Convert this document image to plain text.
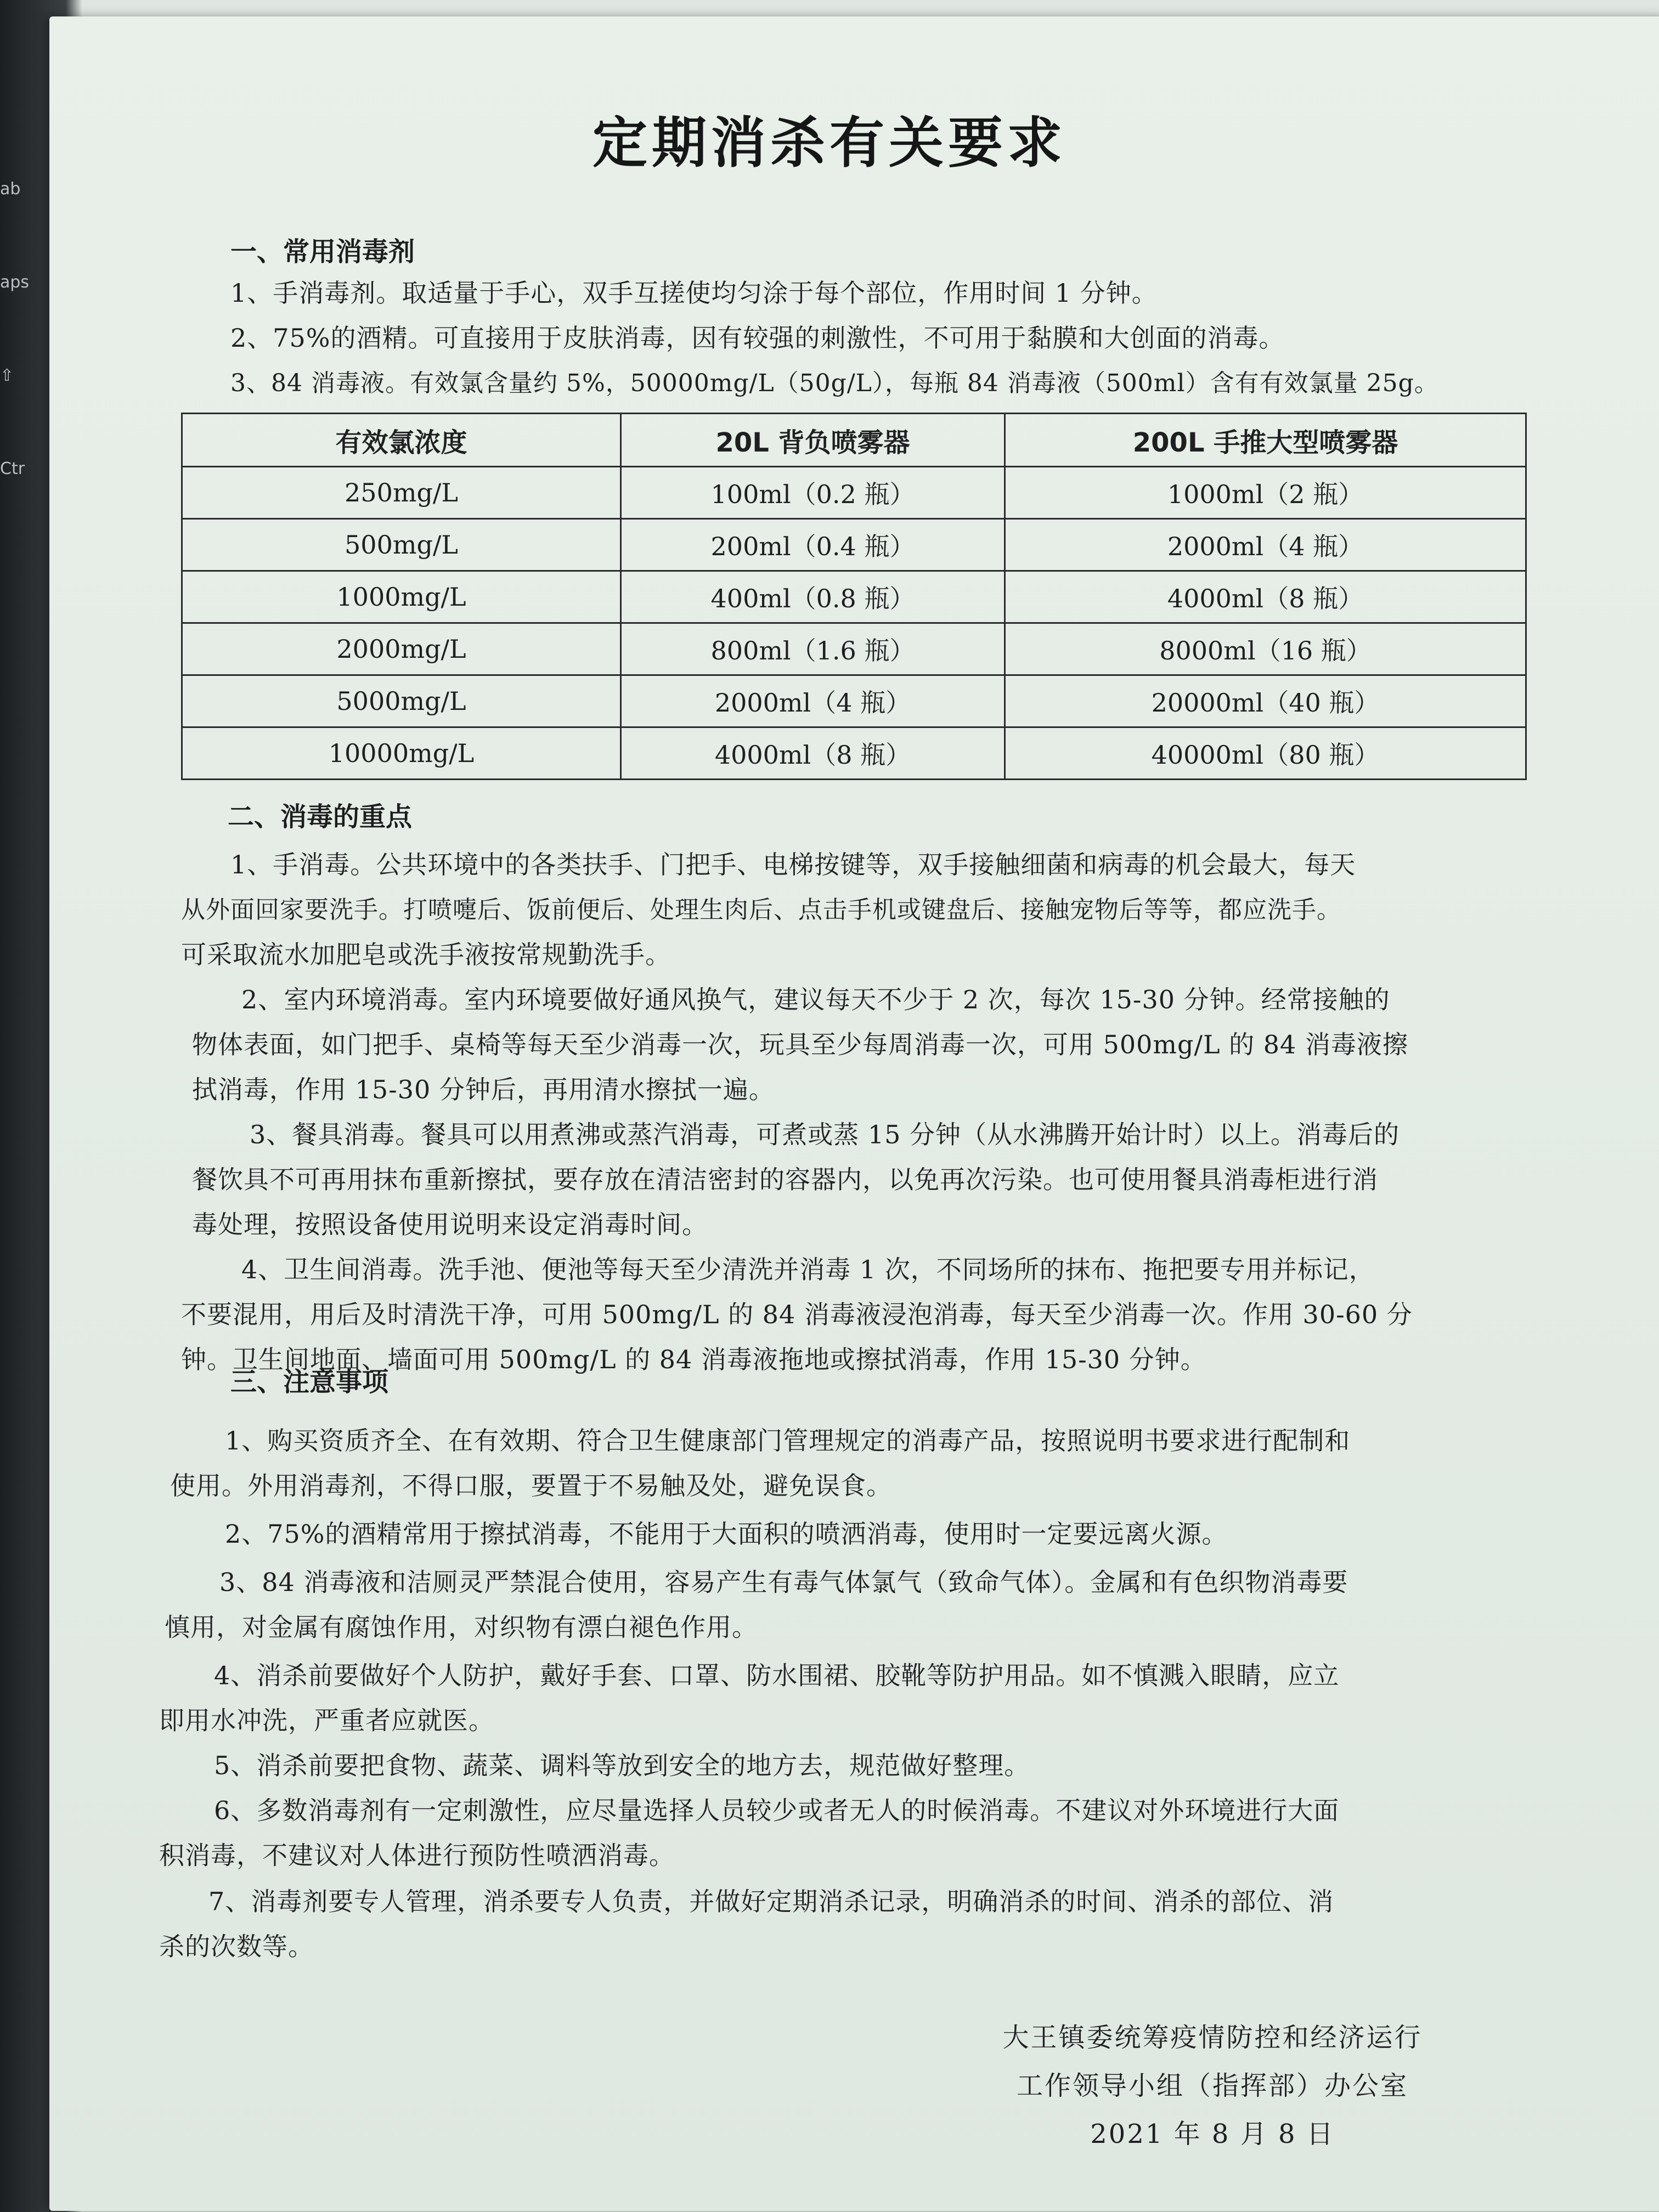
ab
aps
⇧
Ctr
定期消杀有关要求
一、常用消毒剂
1、手消毒剂。取适量于手心，双手互搓使均匀涂于每个部位，作用时间 1 分钟。
2、75%的酒精。可直接用于皮肤消毒，因有较强的刺激性，不可用于黏膜和大创面的消毒。
3、84 消毒液。有效氯含量约 5%，50000mg/L（50g/L），每瓶 84 消毒液（500ml）含有有效氯量 25g。
有效氯浓度	20L 背负喷雾器	200L 手推大型喷雾器
250mg/L	100ml（0.2 瓶）	1000ml（2 瓶）
500mg/L	200ml（0.4 瓶）	2000ml（4 瓶）
1000mg/L	400ml（0.8 瓶）	4000ml（8 瓶）
2000mg/L	800ml（1.6 瓶）	8000ml（16 瓶）
5000mg/L	2000ml（4 瓶）	20000ml（40 瓶）
10000mg/L	4000ml（8 瓶）	40000ml（80 瓶）
二、消毒的重点
1、手消毒。公共环境中的各类扶手、门把手、电梯按键等，双手接触细菌和病毒的机会最大，每天
从外面回家要洗手。打喷嚏后、饭前便后、处理生肉后、点击手机或键盘后、接触宠物后等等，都应洗手。
可采取流水加肥皂或洗手液按常规勤洗手。
2、室内环境消毒。室内环境要做好通风换气，建议每天不少于 2 次，每次 15-30 分钟。经常接触的
物体表面，如门把手、桌椅等每天至少消毒一次，玩具至少每周消毒一次，可用 500mg/L 的 84 消毒液擦
拭消毒，作用 15-30 分钟后，再用清水擦拭一遍。
3、餐具消毒。餐具可以用煮沸或蒸汽消毒，可煮或蒸 15 分钟（从水沸腾开始计时）以上。消毒后的
餐饮具不可再用抹布重新擦拭，要存放在清洁密封的容器内，以免再次污染。也可使用餐具消毒柜进行消
毒处理，按照设备使用说明来设定消毒时间。
4、卫生间消毒。洗手池、便池等每天至少清洗并消毒 1 次，不同场所的抹布、拖把要专用并标记，
不要混用，用后及时清洗干净，可用 500mg/L 的 84 消毒液浸泡消毒，每天至少消毒一次。作用 30-60 分
钟。卫生间地面、墙面可用 500mg/L 的 84 消毒液拖地或擦拭消毒，作用 15-30 分钟。
三、注意事项
1、购买资质齐全、在有效期、符合卫生健康部门管理规定的消毒产品，按照说明书要求进行配制和
使用。外用消毒剂，不得口服，要置于不易触及处，避免误食。
2、75%的酒精常用于擦拭消毒，不能用于大面积的喷洒消毒，使用时一定要远离火源。
3、84 消毒液和洁厕灵严禁混合使用，容易产生有毒气体氯气（致命气体）。金属和有色织物消毒要
慎用，对金属有腐蚀作用，对织物有漂白褪色作用。
4、消杀前要做好个人防护，戴好手套、口罩、防水围裙、胶靴等防护用品。如不慎溅入眼睛，应立
即用水冲洗，严重者应就医。
5、消杀前要把食物、蔬菜、调料等放到安全的地方去，规范做好整理。
6、多数消毒剂有一定刺激性，应尽量选择人员较少或者无人的时候消毒。不建议对外环境进行大面
积消毒，不建议对人体进行预防性喷洒消毒。
7、消毒剂要专人管理，消杀要专人负责，并做好定期消杀记录，明确消杀的时间、消杀的部位、消
杀的次数等。
大王镇委统筹疫情防控和经济运行
工作领导小组（指挥部）办公室
2021 年 8 月 8 日
